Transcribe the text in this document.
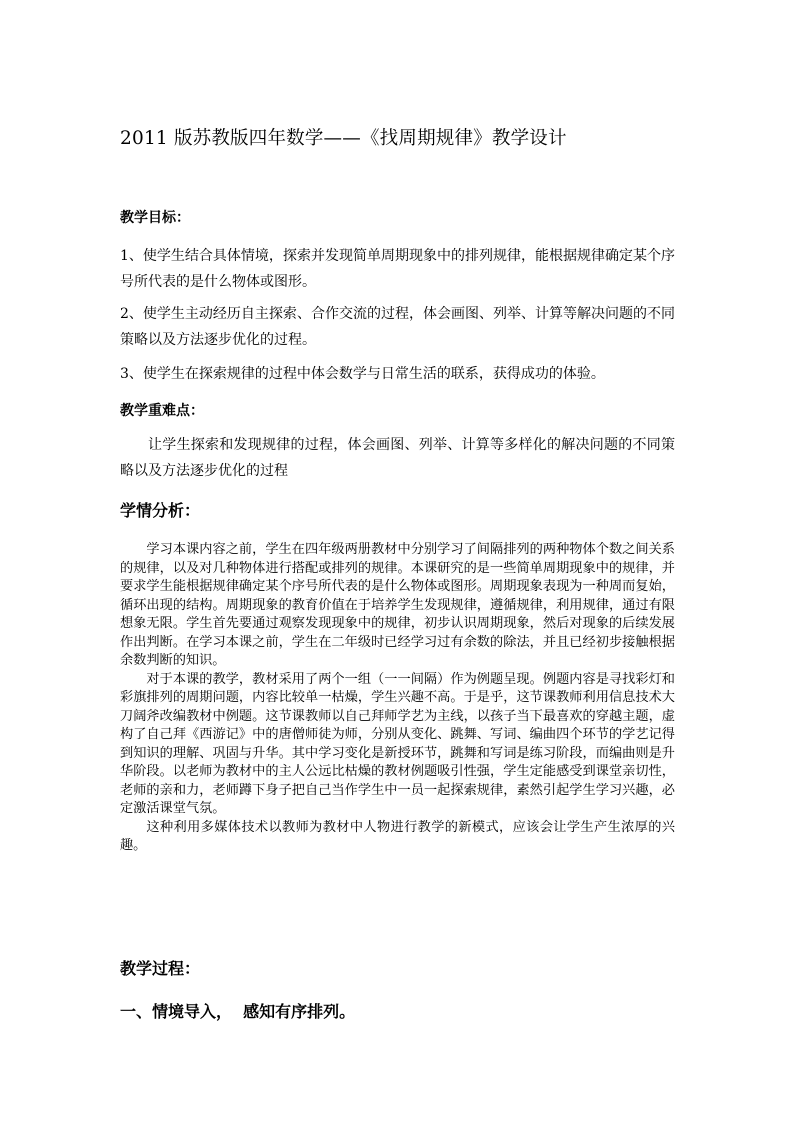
2011 版苏教版四年数学——《找周期规律》教学设计
教学目标：
1、使学生结合具体情境，探索并发现简单周期现象中的排列规律，能根据规律确定某个序号所代表的是什么物体或图形。
2、使学生主动经历自主探索、合作交流的过程，体会画图、列举、计算等解决问题的不同策略以及方法逐步优化的过程。
3、使学生在探索规律的过程中体会数学与日常生活的联系，获得成功的体验。
教学重难点：
让学生探索和发现规律的过程，体会画图、列举、计算等多样化的解决问题的不同策略以及方法逐步优化的过程
学情分析：

学习本课内容之前，学生在四年级两册教材中分别学习了间隔排列的两种物体个数之间关系的规律，以及对几种物体进行搭配或排列的规律。本课研究的是一些简单周期现象中的规律，并要求学生能根据规律确定某个序号所代表的是什么物体或图形。周期现象表现为一种周而复始，循环出现的结构。周期现象的教育价值在于培养学生发现规律，遵循规律，利用规律，通过有限想象无限。学生首先要通过观察发现现象中的规律，初步认识周期现象，然后对现象的后续发展作出判断。在学习本课之前，学生在二年级时已经学习过有余数的除法，并且已经初步接触根据余数判断的知识。

对于本课的教学，教材采用了两个一组（一一间隔）作为例题呈现。例题内容是寻找彩灯和彩旗排列的周期问题，内容比较单一枯燥，学生兴趣不高。于是乎，这节课教师利用信息技术大刀阔斧改编教材中例题。这节课教师以自己拜师学艺为主线，以孩子当下最喜欢的穿越主题，虚构了自己拜《西游记》中的唐僧师徒为师，分别从变化、跳舞、写词、编曲四个环节的学艺记得到知识的理解、巩固与升华。其中学习变化是新授环节，跳舞和写词是练习阶段，而编曲则是升华阶段。以老师为教材中的主人公远比枯燥的教材例题吸引性强，学生定能感受到课堂亲切性，老师的亲和力，老师蹲下身子把自己当作学生中一员一起探索规律，素然引起学生学习兴趣，必定激活课堂气氛。

这种利用多媒体技术以教师为教材中人物进行教学的新模式，应该会让学生产生浓厚的兴趣。

教学过程：
一、情境导入，  感知有序排列。
